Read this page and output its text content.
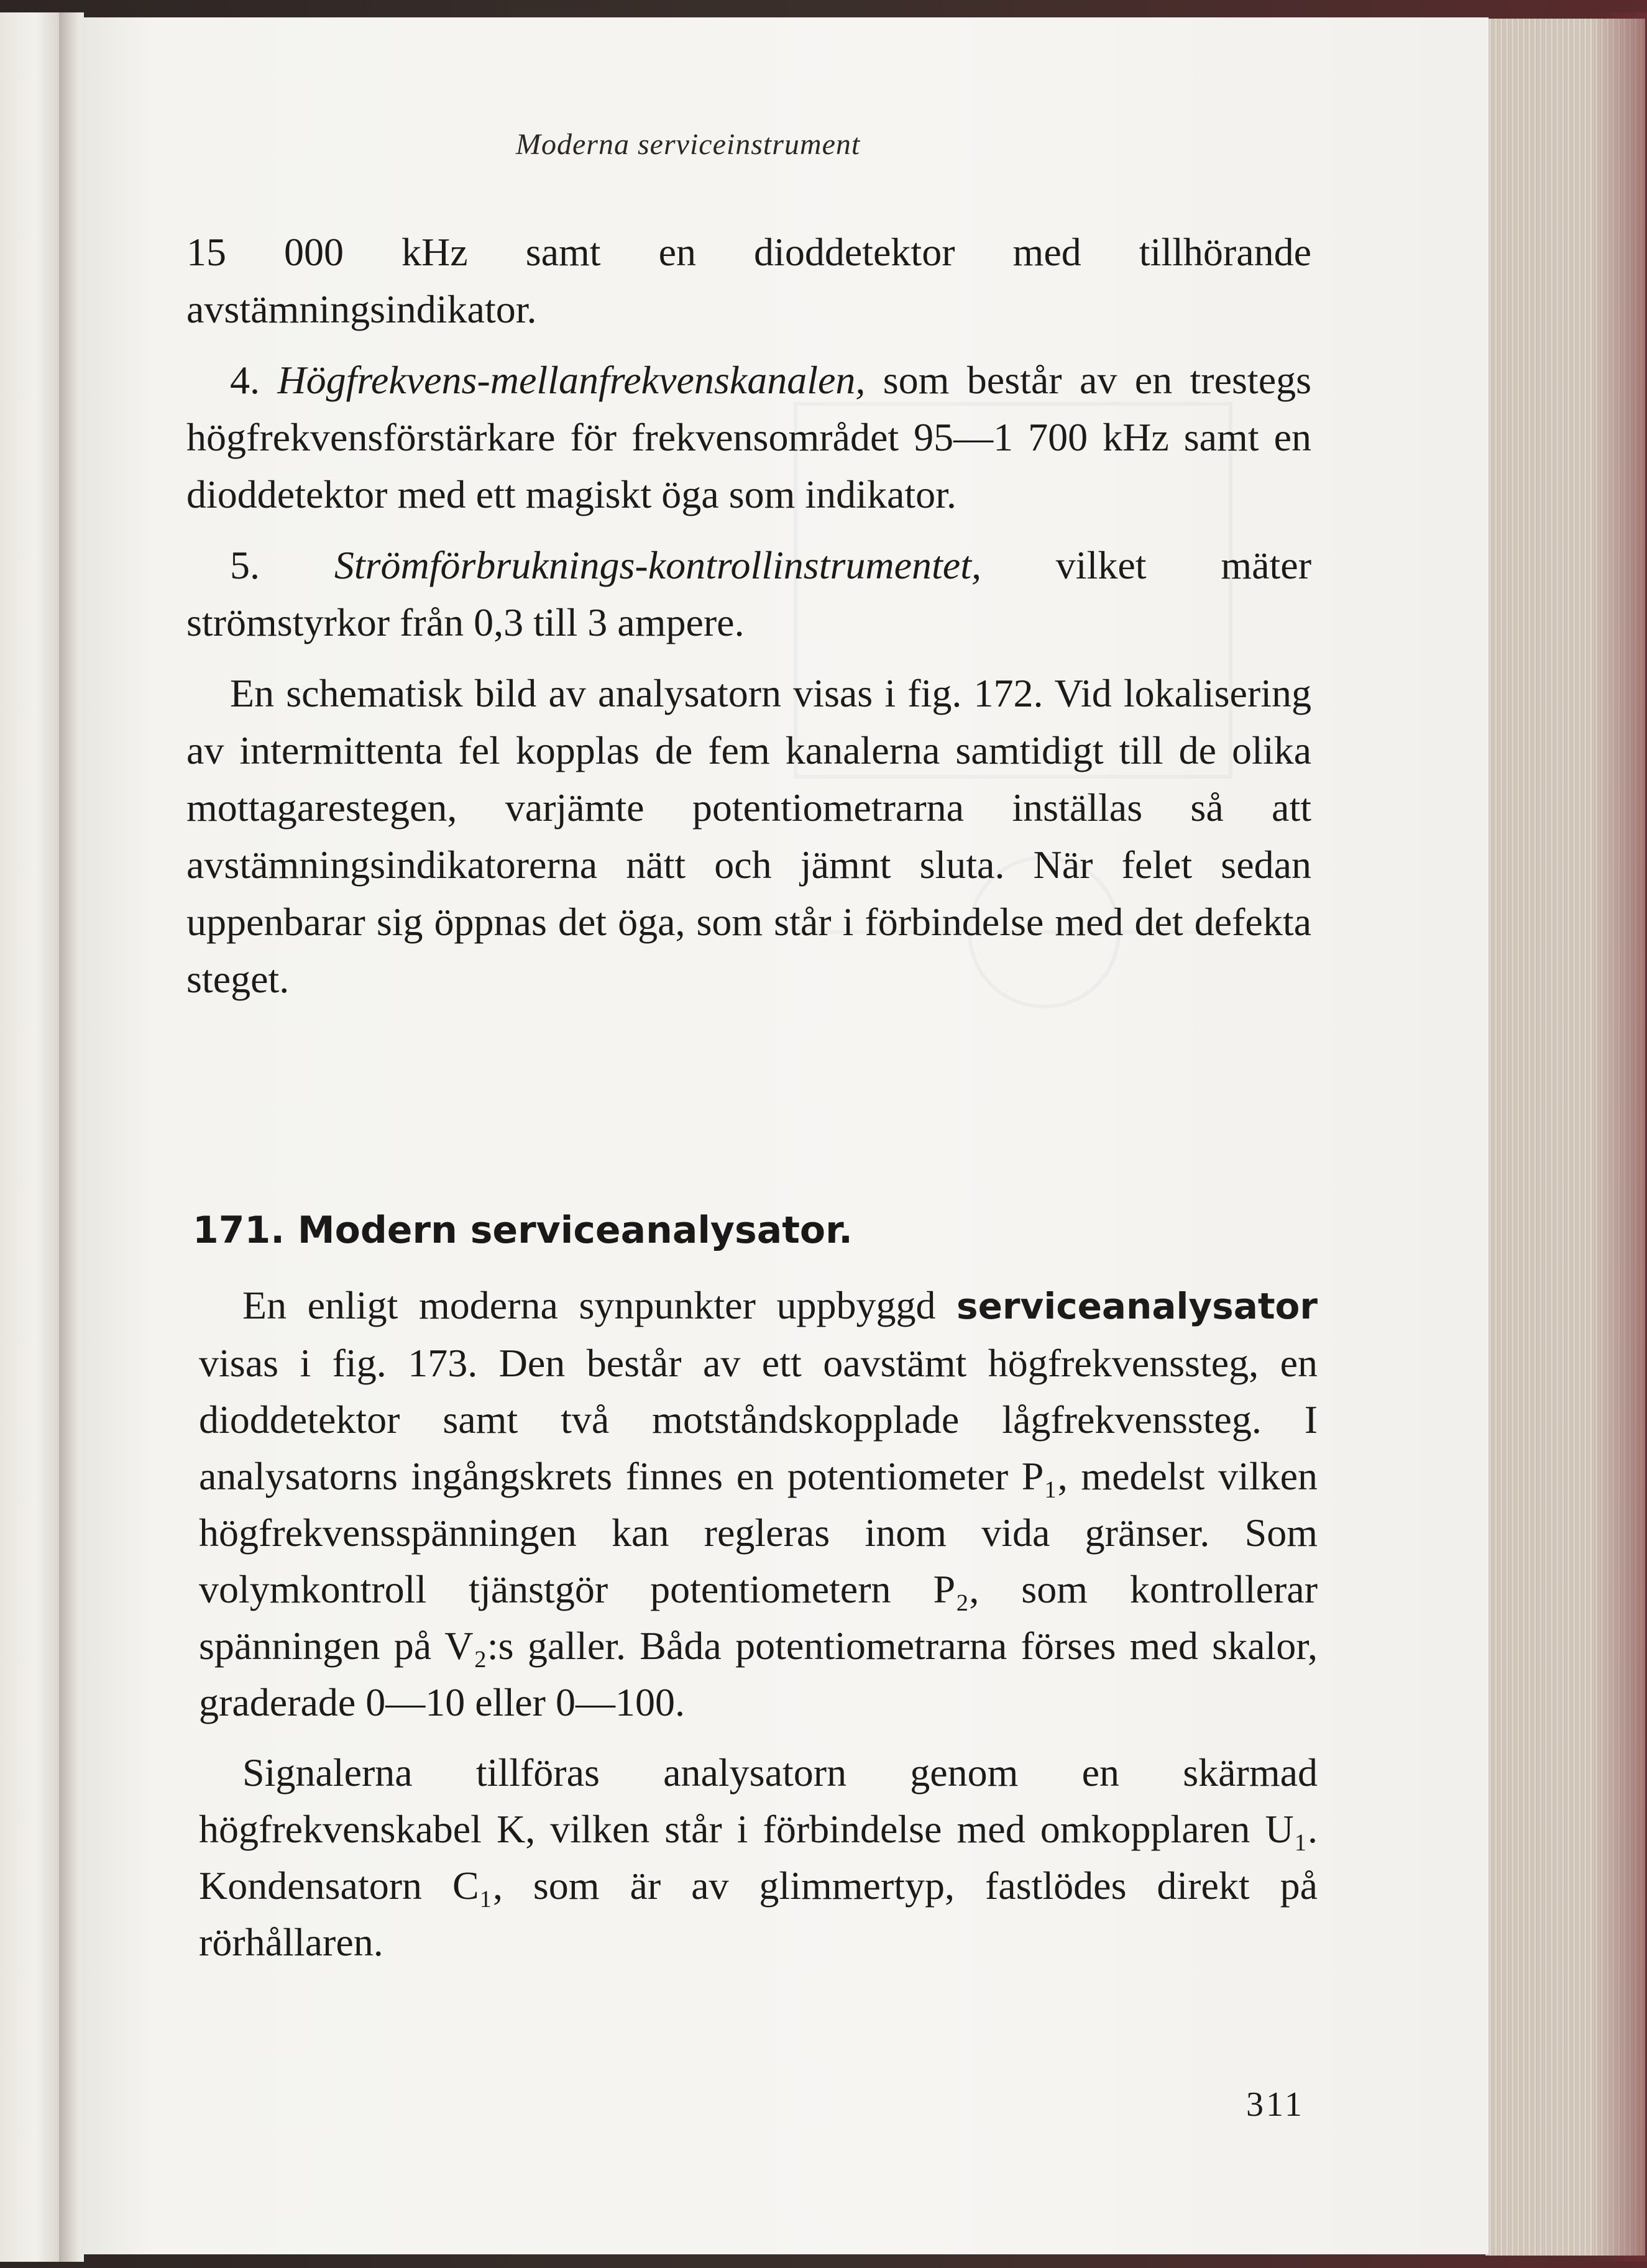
Moderna serviceinstrument

15 000 kHz samt en dioddetektor med tillhörande avstämningsindikator.

4. Högfrekvens-mellanfrekvenskanalen, som består av en trestegs högfrekvensförstärkare för frekvensområdet 95—1 700 kHz samt en dioddetektor med ett magiskt öga som indikator.

5. Strömförbruknings-kontrollinstrumentet, vilket mäter strömstyrkor från 0,3 till 3 ampere.

En schematisk bild av analysatorn visas i fig. 172. Vid lokalisering av intermittenta fel kopplas de fem kanalerna samtidigt till de olika mottagarestegen, varjämte potentiometrarna inställas så att avstämningsindikatorerna nätt och jämnt sluta. När felet sedan uppenbarar sig öppnas det öga, som står i förbindelse med det defekta steget.

171. Modern serviceanalysator.

En enligt moderna synpunkter uppbyggd serviceanalysator visas i fig. 173. Den består av ett oavstämt högfrekvenssteg, en dioddetektor samt två motståndskopplade lågfrekvenssteg. I analysatorns ingångskrets finnes en potentiometer P₁, medelst vilken högfrekvensspänningen kan regleras inom vida gränser. Som volymkontroll tjänstgör potentiometern P₂, som kontrollerar spänningen på V₂:s galler. Båda potentiometrarna förses med skalor, graderade 0—10 eller 0—100.

Signalerna tillföras analysatorn genom en skärmad högfrekvenskabel K, vilken står i förbindelse med omkopplaren U₁. Kondensatorn C₁, som är av glimmertyp, fastlödes direkt på rörhållaren.

311
